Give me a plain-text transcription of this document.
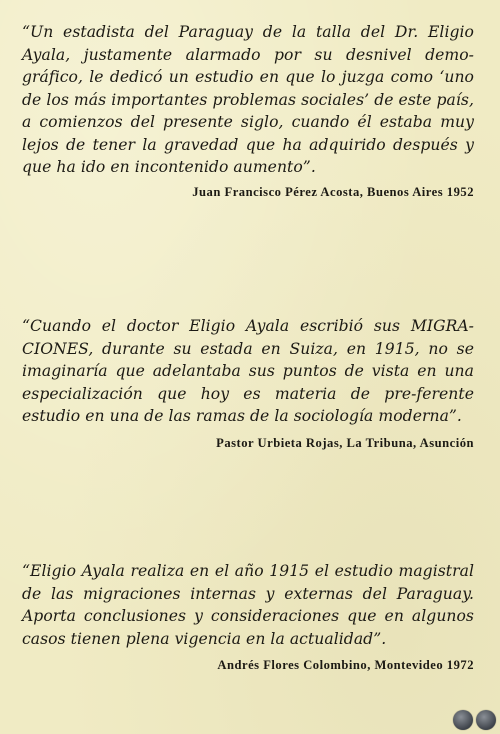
“Un estadista del Paraguay de la talla del Dr. Eligio Ayala, justamente alarmado por su desnivel demo-gráfico, le dedicó un estudio en que lo juzga como ‘uno de los más importantes problemas sociales’ de este país, a comienzos del presente siglo, cuando él estaba muy lejos de tener la gravedad que ha adquirido después y que ha ido en incontenido aumento”.

Juan Francisco Pérez Acosta, Buenos Aires 1952

“Cuando el doctor Eligio Ayala escribió sus MIGRA-CIONES, durante su estada en Suiza, en 1915, no se imaginaría que adelantaba sus puntos de vista en una especialización que hoy es materia de pre-ferente estudio en una de las ramas de la sociología moderna”.

Pastor Urbieta Rojas, La Tribuna, Asunción

“Eligio Ayala realiza en el año 1915 el estudio magistral de las migraciones internas y externas del Paraguay. Aporta conclusiones y consideraciones que en algunos casos tienen plena vigencia en la actualidad”.

Andrés Flores Colombino, Montevideo 1972
